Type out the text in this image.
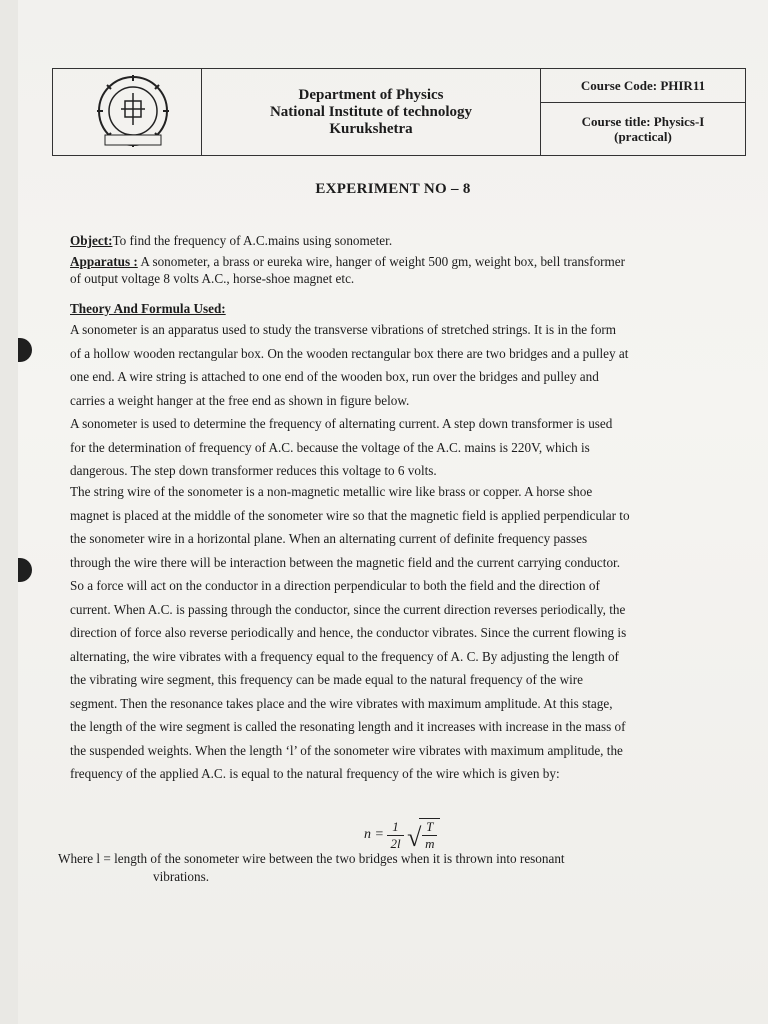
Department of Physics
National Institute of technology
Kurukshetra
Course Code: PHIR11
Course title: Physics-I
(practical)
EXPERIMENT NO – 8
Object:To find the frequency of A.C.mains using sonometer.
Apparatus : A sonometer, a brass or eureka wire, hanger of weight 500 gm, weight box, bell transformer
of output voltage 8 volts A.C., horse-shoe magnet etc.
Theory And Formula Used:
A sonometer is an apparatus used to study the transverse vibrations of stretched strings. It is in the form
of a hollow wooden rectangular box. On the wooden rectangular box there are two bridges and a pulley at
one end. A wire string is attached to one end of the wooden box, run over the bridges and pulley and
carries a weight hanger at the free end as shown in figure below.
A sonometer is used to determine the frequency of alternating current. A step down transformer is used
for the determination of frequency of A.C. because the voltage of the A.C. mains is 220V, which is
dangerous. The step down transformer reduces this voltage to 6 volts.
The string wire of the sonometer is a non-magnetic metallic wire like brass or copper. A horse shoe
magnet is placed at the middle of the sonometer wire so that the magnetic field is applied perpendicular to
the sonometer wire in a horizontal plane. When an alternating current of definite frequency passes
through the wire there will be interaction between the magnetic field and the current carrying conductor.
So a force will act on the conductor in a direction perpendicular to both the field and the direction of
current. When A.C. is passing through the conductor, since the current direction reverses periodically, the
direction of force also reverse periodically and hence, the conductor vibrates. Since the current flowing is
alternating, the wire vibrates with a frequency equal to the frequency of A. C. By adjusting the length of
the vibrating wire segment, this frequency can be made equal to the natural frequency of the wire
segment. Then the resonance takes place and the wire vibrates with maximum amplitude. At this stage,
the length of the wire segment is called the resonating length and it increases with increase in the mass of
the suspended weights. When the length ‘l’ of the sonometer wire vibrates with maximum amplitude, the
frequency of the applied A.C. is equal to the natural frequency of the wire which is given by:
$n = \frac{1}{2l}$
√
$\frac{T}{m}$
Where l = length of the sonometer wire between the two bridges when it is thrown into resonant
vibrations.
